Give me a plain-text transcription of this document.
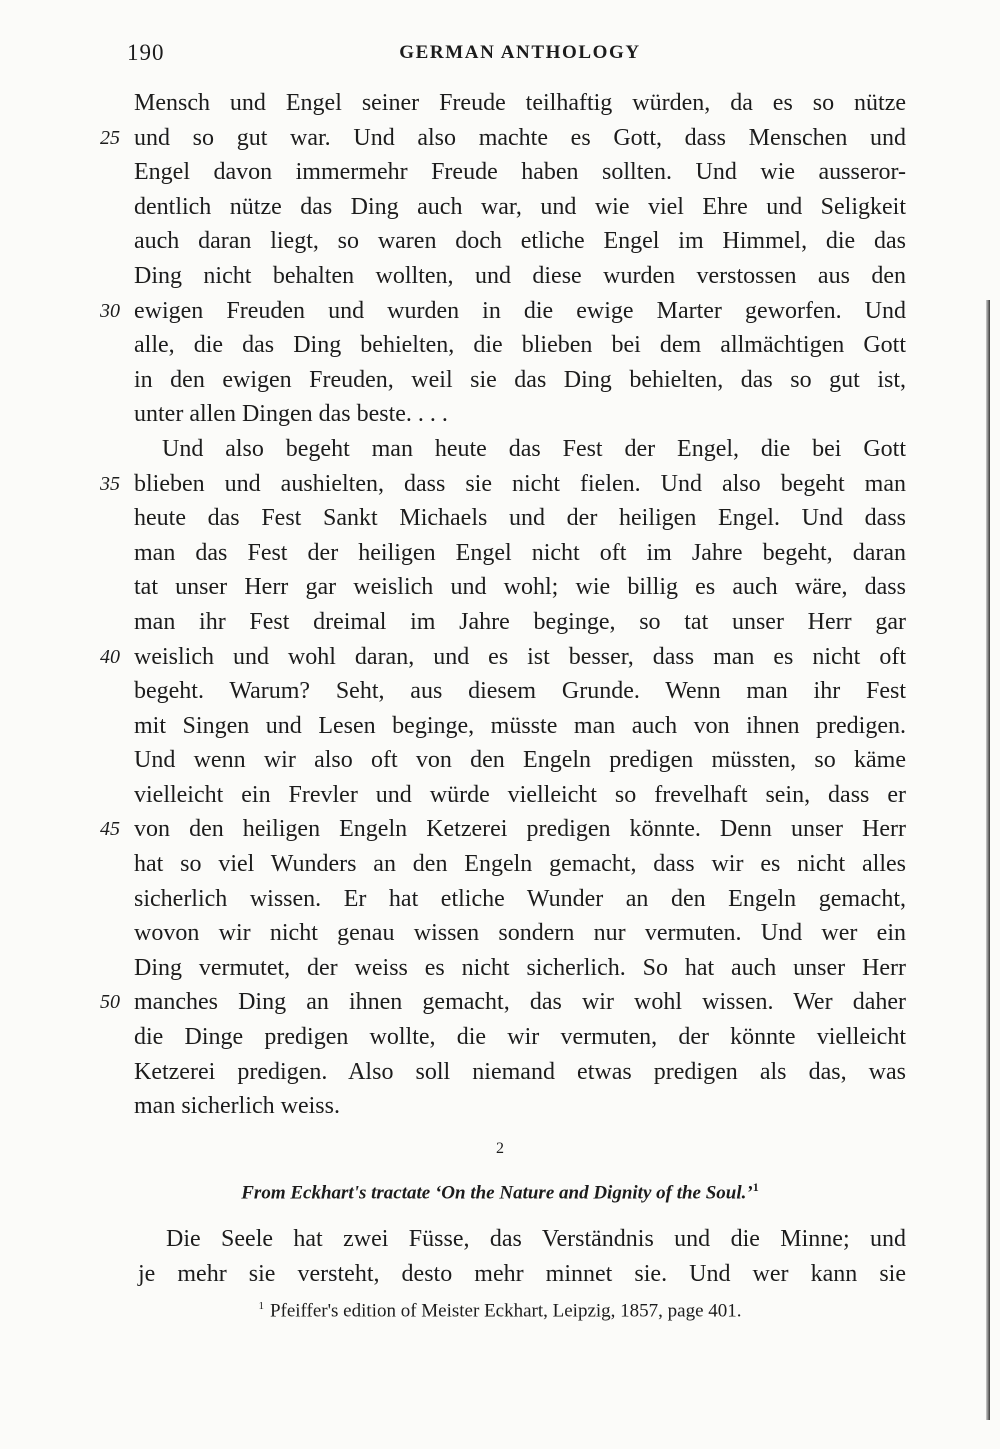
190	GERMAN ANTHOLOGY
Mensch und Engel seiner Freude teilhaftig würden, da es so nütze
25 und so gut war. Und also machte es Gott, dass Menschen und
Engel davon immermehr Freude haben sollten. Und wie ausseror-
dentlich nütze das Ding auch war, und wie viel Ehre und Seligkeit
auch daran liegt, so waren doch etliche Engel im Himmel, die das
Ding nicht behalten wollten, und diese wurden verstossen aus den
30 ewigen Freuden und wurden in die ewige Marter geworfen. Und
alle, die das Ding behielten, die blieben bei dem allmächtigen Gott
in den ewigen Freuden, weil sie das Ding behielten, das so gut ist,
unter allen Dingen das beste. . . .
Und also begeht man heute das Fest der Engel, die bei Gott
35 blieben und aushielten, dass sie nicht fielen. Und also begeht man
heute das Fest Sankt Michaels und der heiligen Engel. Und dass
man das Fest der heiligen Engel nicht oft im Jahre begeht, daran
tat unser Herr gar weislich und wohl; wie billig es auch wäre, dass
man ihr Fest dreimal im Jahre beginge, so tat unser Herr gar
40 weislich und wohl daran, und es ist besser, dass man es nicht oft
begeht. Warum? Seht, aus diesem Grunde. Wenn man ihr Fest
mit Singen und Lesen beginge, müsste man auch von ihnen predigen.
Und wenn wir also oft von den Engeln predigen müssten, so käme
vielleicht ein Frevler und würde vielleicht so frevelhaft sein, dass er
45 von den heiligen Engeln Ketzerei predigen könnte. Denn unser Herr
hat so viel Wunders an den Engeln gemacht, dass wir es nicht alles
sicherlich wissen. Er hat etliche Wunder an den Engeln gemacht,
wovon wir nicht genau wissen sondern nur vermuten. Und wer ein
Ding vermutet, der weiss es nicht sicherlich. So hat auch unser Herr
50 manches Ding an ihnen gemacht, das wir wohl wissen. Wer daher
die Dinge predigen wollte, die wir vermuten, der könnte vielleicht
Ketzerei predigen. Also soll niemand etwas predigen als das, was
man sicherlich weiss.
2
From Eckhart's tractate ‘On the Nature and Dignity of the Soul.’$^1$
Die Seele hat zwei Füsse, das Verständnis und die Minne; und
je mehr sie versteht, desto mehr minnet sie. Und wer kann sie
$^1$ Pfeiffer's edition of Meister Eckhart, Leipzig, 1857, page 401.
